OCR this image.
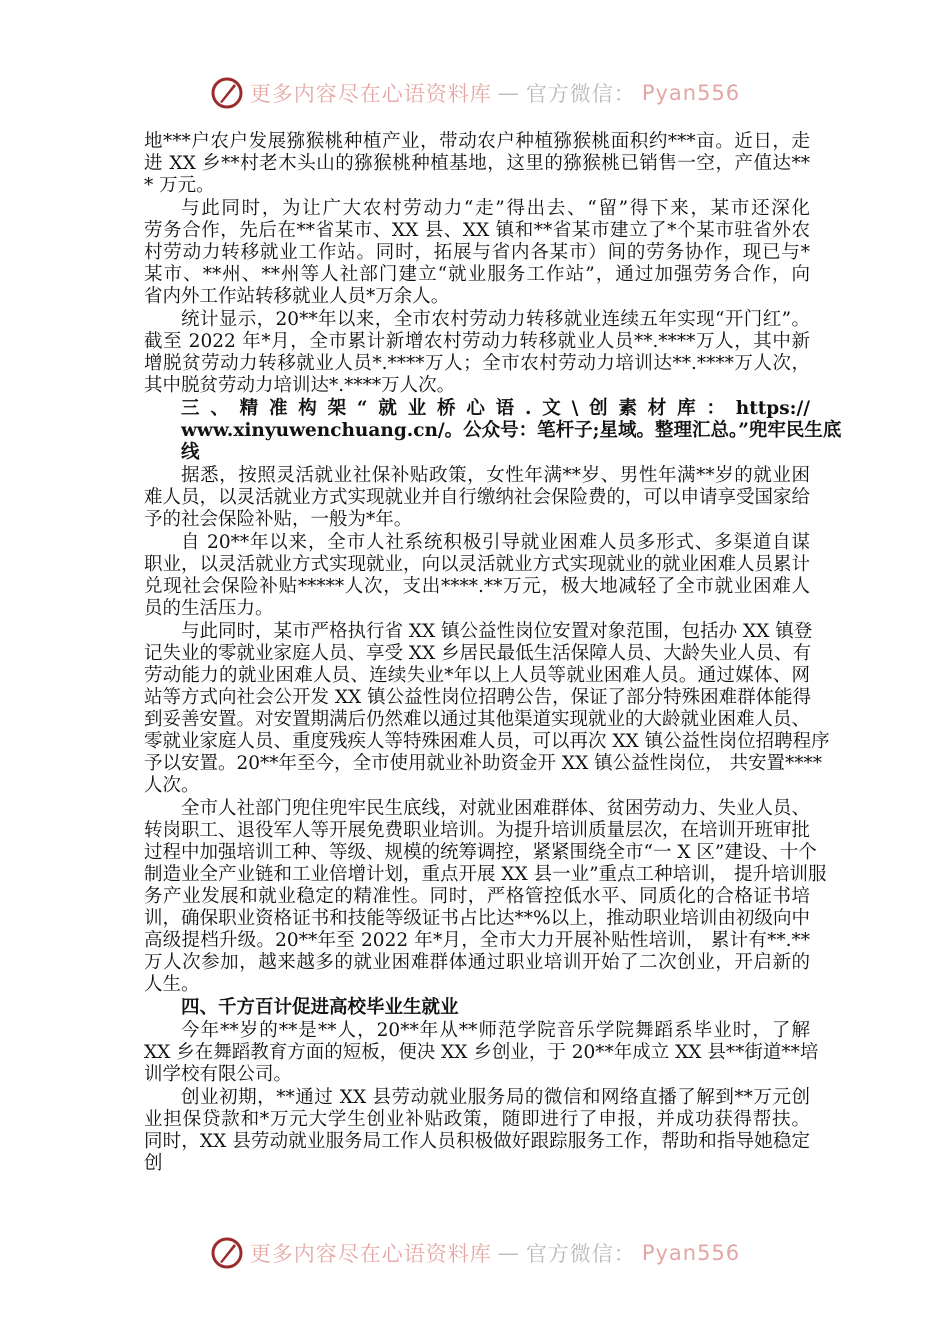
更多内容尽在心语资料库 — 官方微信： Pyan556
地***户农户发展猕猴桃种植产业，带动农户种植猕猴桃面积约***亩。近日，走
进 XX 乡**村老木头山的猕猴桃种植基地，这里的猕猴桃已销售一空，产值达**
* 万元。
与此同时，为让广大农村劳动力“走”得出去、“留”得下来，某市还深化
劳务合作，先后在**省某市、XX 县、XX 镇和**省某市建立了*个某市驻省外农
村劳动力转移就业工作站。同时，拓展与省内各某市）间的劳务协作，现已与*
某市、**州、**州等人社部门建立“就业服务工作站”，通过加强劳务合作，向
省内外工作站转移就业人员*万余人。
统计显示，20**年以来，全市农村劳动力转移就业连续五年实现“开门红”。
截至 2022 年*月，全市累计新增农村劳动力转移就业人员**.****万人，其中新
增脱贫劳动力转移就业人员*.****万人；全市农村劳动力培训达**.****万人次，
其中脱贫劳动力培训达*.****万人次。
三、精准构架“就业桥心语.文\创素材库：https://
www.xinyuwenchuang.cn/。公众号：笔杆子;星域。整理汇总。”兜牢民生底
线
据悉，按照灵活就业社保补贴政策，女性年满**岁、男性年满**岁的就业困
难人员，以灵活就业方式实现就业并自行缴纳社会保险费的，可以申请享受国家给
予的社会保险补贴，一般为*年。
自 20**年以来，全市人社系统积极引导就业困难人员多形式、多渠道自谋
职业，以灵活就业方式实现就业，向以灵活就业方式实现就业的就业困难人员累计
兑现社会保险补贴*****人次，支出****.**万元，极大地减轻了全市就业困难人
员的生活压力。
与此同时，某市严格执行省 XX 镇公益性岗位安置对象范围，包括办 XX 镇登
记失业的零就业家庭人员、享受 XX 乡居民最低生活保障人员、大龄失业人员、有
劳动能力的就业困难人员、连续失业*年以上人员等就业困难人员。通过媒体、网
站等方式向社会公开发 XX 镇公益性岗位招聘公告，保证了部分特殊困难群体能得
到妥善安置。对安置期满后仍然难以通过其他渠道实现就业的大龄就业困难人员、
零就业家庭人员、重度残疾人等特殊困难人员，可以再次 XX 镇公益性岗位招聘程序
予以安置。20**年至今，全市使用就业补助资金开 XX 镇公益性岗位， 共安置****
人次。
全市人社部门兜住兜牢民生底线，对就业困难群体、贫困劳动力、失业人员、
转岗职工、退役军人等开展免费职业培训。为提升培训质量层次，在培训开班审批
过程中加强培训工种、等级、规模的统筹调控，紧紧围绕全市“一 X 区”建设、十个
制造业全产业链和工业倍增计划，重点开展 XX 县一业”重点工种培训， 提升培训服
务产业发展和就业稳定的精准性。同时，严格管控低水平、同质化的合格证书培
训，确保职业资格证书和技能等级证书占比达**%以上，推动职业培训由初级向中
高级提档升级。20**年至 2022 年*月，全市大力开展补贴性培训， 累计有**.**
万人次参加，越来越多的就业困难群体通过职业培训开始了二次创业，开启新的
人生。
四、千方百计促进高校毕业生就业
今年**岁的**是**人，20**年从**师范学院音乐学院舞蹈系毕业时，了解
XX 乡在舞蹈教育方面的短板，便决 XX 乡创业，于 20**年成立 XX 县**街道**培
训学校有限公司。
创业初期，**通过 XX 县劳动就业服务局的微信和网络直播了解到**万元创
业担保贷款和*万元大学生创业补贴政策，随即进行了申报，并成功获得帮扶。
同时，XX 县劳动就业服务局工作人员积极做好跟踪服务工作，帮助和指导她稳定
创
更多内容尽在心语资料库 — 官方微信： Pyan556
